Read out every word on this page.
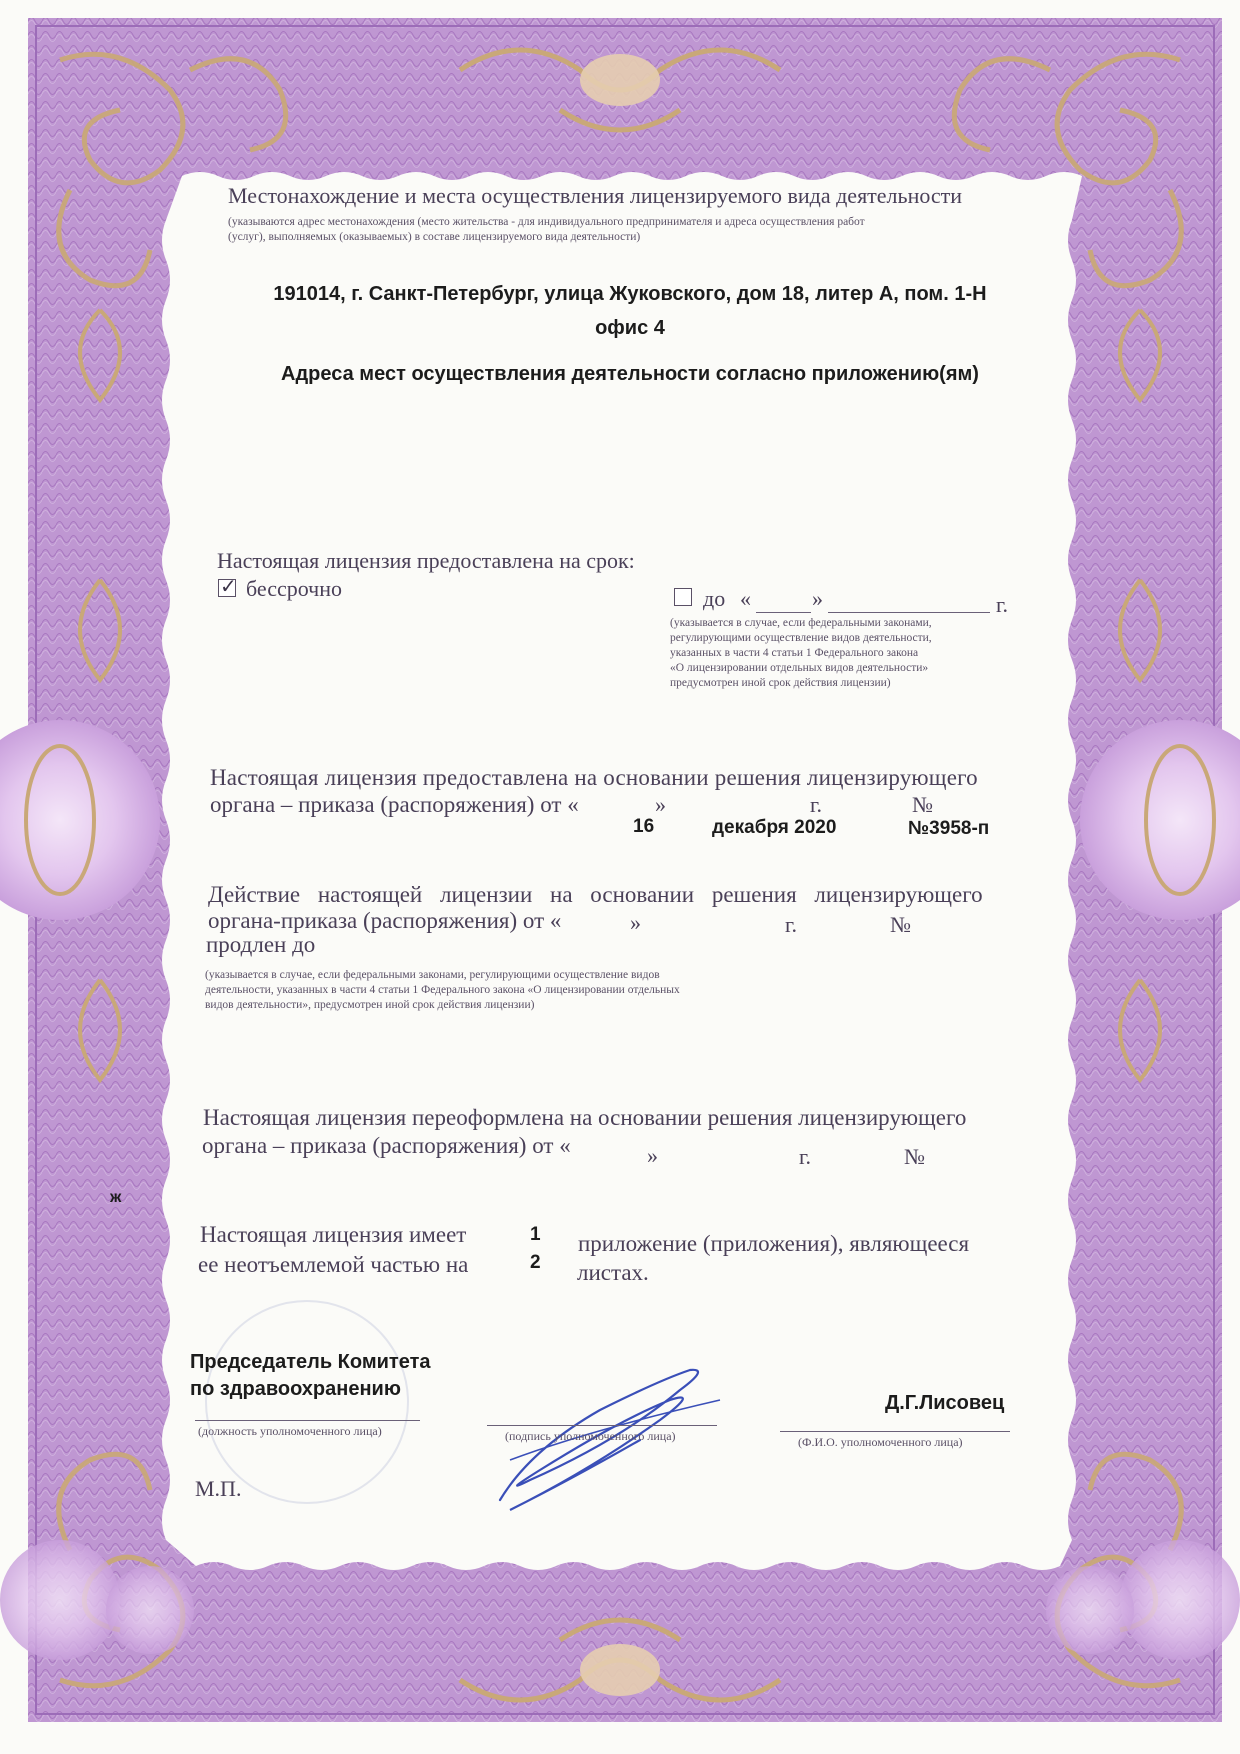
Местонахождение и места осуществления лицензируемого вида деятельности
(указываются адрес местонахождения (место жительства - для индивидуального предпринимателя и адреса осуществления работ
(услуг), выполняемых (оказываемых) в составе лицензируемого вида деятельности)
191014, г. Санкт-Петербург, улица Жуковского, дом 18, литер А, пом. 1-Н
офис 4
Адреса мест осуществления деятельности согласно приложению(ям)
Настоящая лицензия предоставлена на срок:
✓ бессрочно	до «	»	г.
(указывается в случае, если федеральными законами,
регулирующими осуществление видов деятельности,
указанных в части 4 статьи 1 Федерального закона
«О лицензировании отдельных видов деятельности»
предусмотрен иной срок действия лицензии)
Настоящая лицензия предоставлена на основании решения лицензирующего
органа – приказа (распоряжения) от «	»	г.	№
16	декабря 2020	№3958-п
Действие настоящей лицензии на основании решения лицензирующего
органа-приказа (распоряжения) от «	»	г.	№
продлен до
(указывается в случае, если федеральными законами, регулирующими осуществление видов
деятельности, указанных в части 4 статьи 1 Федерального закона «О лицензировании отдельных
видов деятельности», предусмотрен иной срок действия лицензии)
Настоящая лицензия переоформлена на основании решения лицензирующего
органа – приказа (распоряжения) от «	»	г.	№
ж
Настоящая лицензия имеет	1 приложение (приложения), являющееся
ее неотъемлемой частью на	2 листах.
Председатель Комитета
по здравоохранению
(должность уполномоченного лица)	(подпись уполномоченного лица)
Д.Г.Лисовец
(Ф.И.О. уполномоченного лица)
М.П.
